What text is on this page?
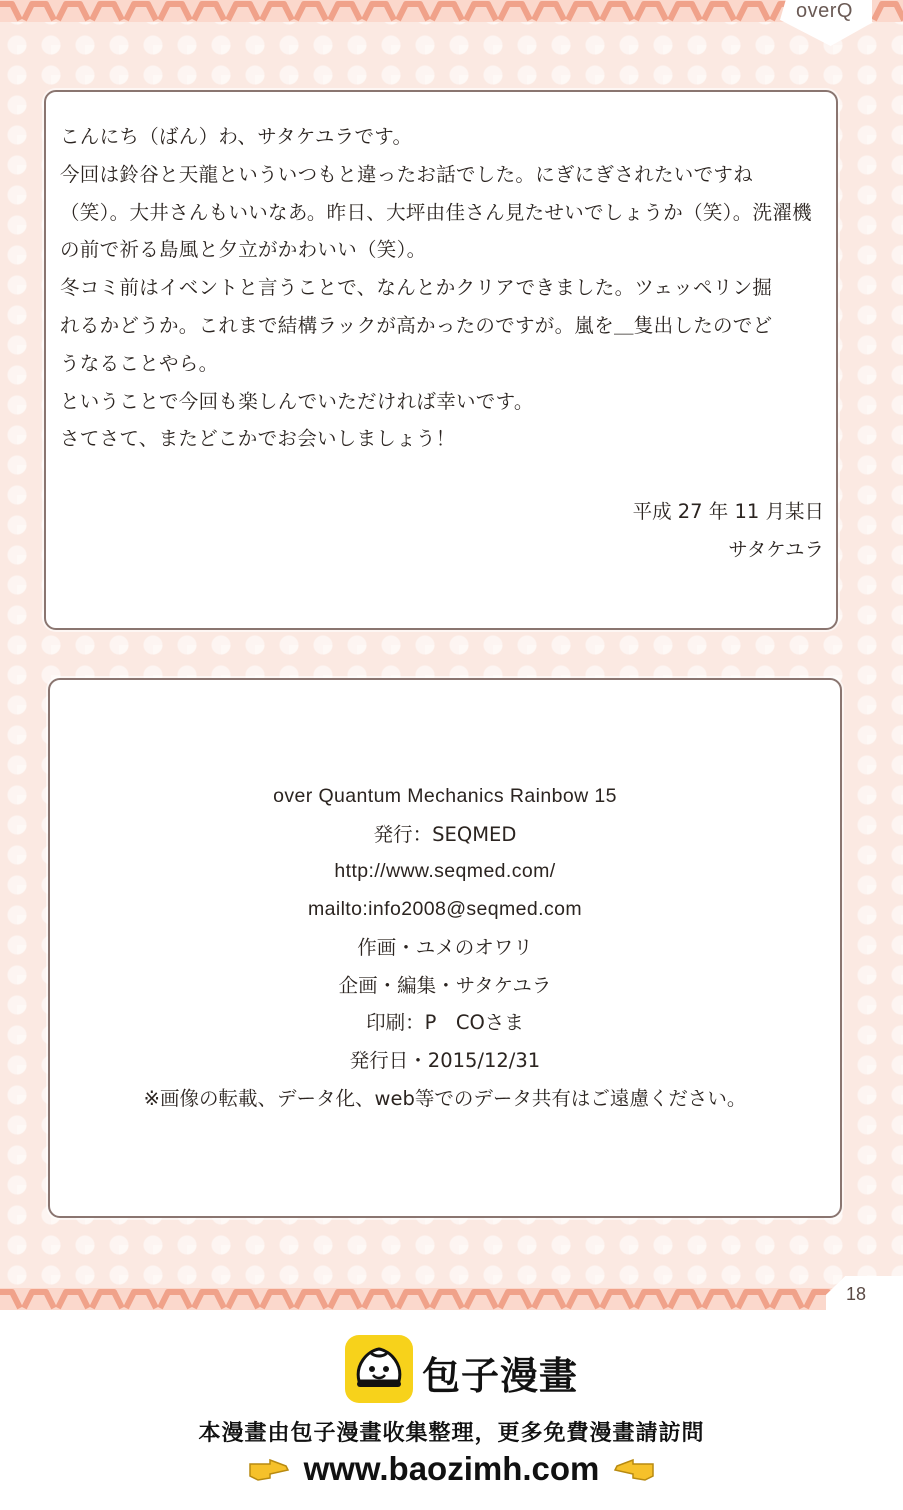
overQ

こんにち（ばん）わ、サタケユラです。

今回は鈴谷と天龍といういつもと違ったお話でした。にぎにぎされたいですね

（笑）。大井さんもいいなあ。昨日、大坪由佳さん見たせいでしょうか（笑）。洗濯機

の前で祈る島風と夕立がかわいい（笑）。

冬コミ前はイベントと言うことで、なんとかクリアできました。ツェッペリン掘

れるかどうか。これまで結構ラックが高かったのですが。嵐を＿隻出したのでど

うなることやら。

ということで今回も楽しんでいただければ幸いです。

さてさて、またどこかでお会いしましょう！

平成 27 年 11 月某日
サタケユラ

over Quantum Mechanics Rainbow 15

発行：SEQMED

http://www.seqmed.com/

mailto:info2008@seqmed.com

作画・ユメのオワリ

企画・編集・サタケユラ

印刷：P　COさま

発行日・2015/12/31

※画像の転載、データ化、web等でのデータ共有はご遠慮ください。

18
包子漫畫
本漫畫由包子漫畫收集整理，更多免費漫畫請訪問
www.baozimh.com
